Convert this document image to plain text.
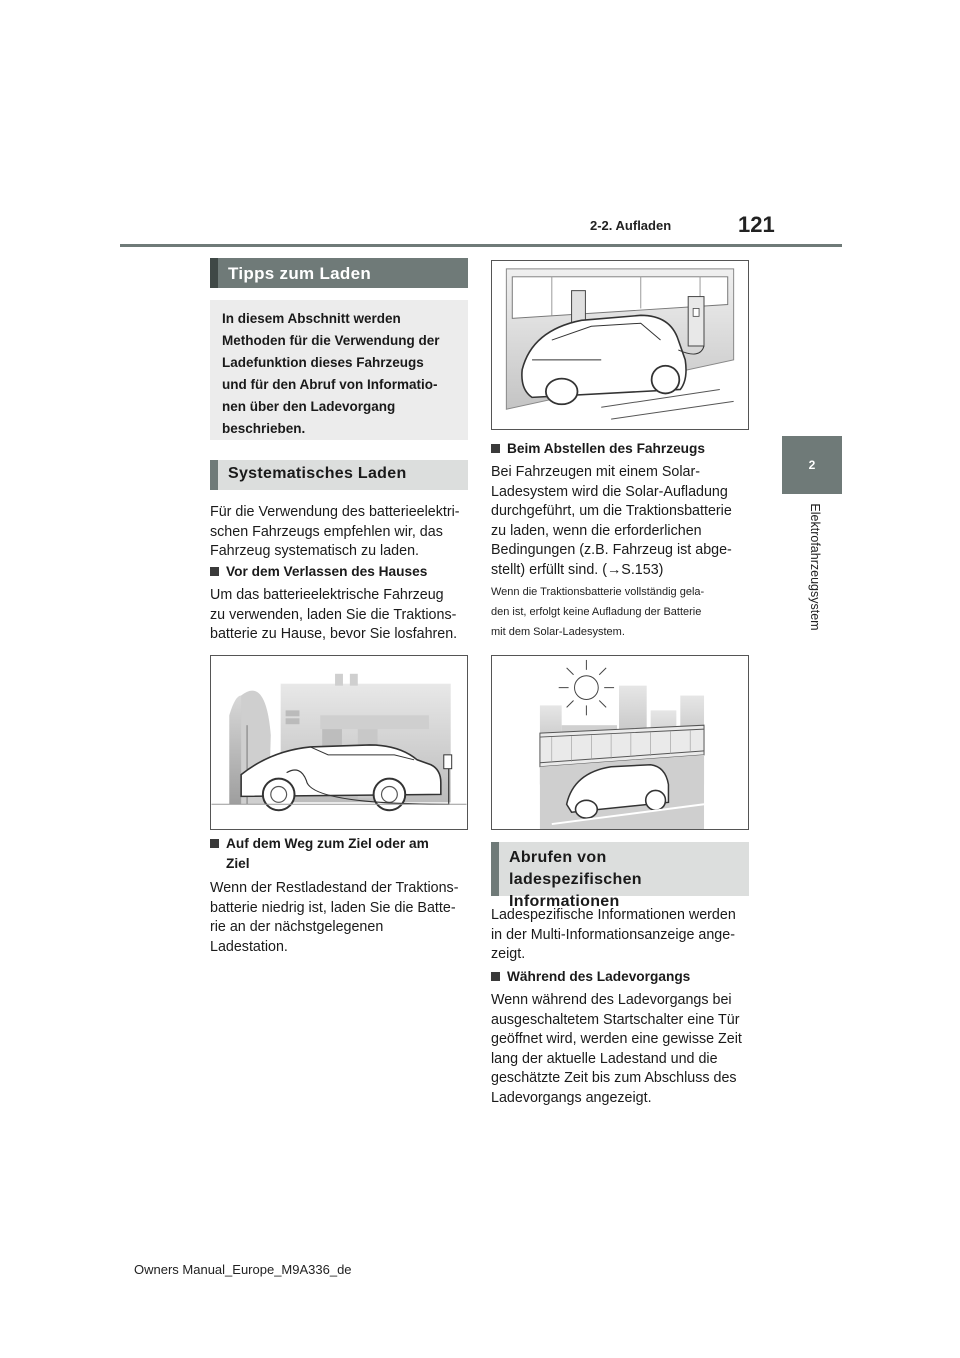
2-2. Aufladen	121
2
Elektrofahrzeugsystem
Tipps zum Laden
In diesem Abschnitt werden
Methoden für die Verwendung der
Ladefunktion dieses Fahrzeugs
und für den Abruf von Informatio-
nen über den Ladevorgang
beschrieben.
Systematisches Laden
Für die Verwendung des batterieelektri-
schen Fahrzeugs empfehlen wir, das
Fahrzeug systematisch zu laden.
Vor dem Verlassen des Hauses
Um das batterieelektrische Fahrzeug
zu verwenden, laden Sie die Traktions-
batterie zu Hause, bevor Sie losfahren.
Auf dem Weg zum Ziel oder am
Ziel
Wenn der Restladestand der Traktions-
batterie niedrig ist, laden Sie die Batte-
rie an der nächstgelegenen
Ladestation.
Beim Abstellen des Fahrzeugs
Bei Fahrzeugen mit einem Solar-
Ladesystem wird die Solar-Aufladung
durchgeführt, um die Traktionsbatterie
zu laden, wenn die erforderlichen
Bedingungen (z.B. Fahrzeug ist abge-
stellt) erfüllt sind. (→S.153)
Wenn die Traktionsbatterie vollständig gela-
den ist, erfolgt keine Aufladung der Batterie
mit dem Solar-Ladesystem.
Abrufen von ladespezifischen
Informationen
Ladespezifische Informationen werden
in der Multi-Informationsanzeige ange-
zeigt.
Während des Ladevorgangs
Wenn während des Ladevorgangs bei
ausgeschaltetem Startschalter eine Tür
geöffnet wird, werden eine gewisse Zeit
lang der aktuelle Ladestand und die
geschätzte Zeit bis zum Abschluss des
Ladevorgangs angezeigt.
Owners Manual_Europe_M9A336_de
